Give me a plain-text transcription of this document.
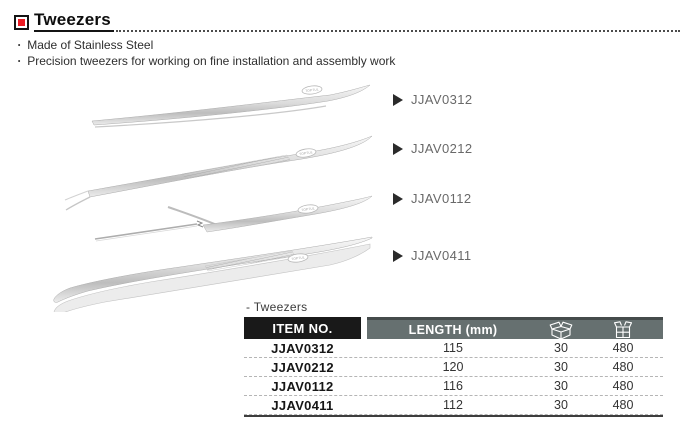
Tweezers
• Made of Stainless Steel
• Precision tweezers for working on fine installation and assembly work
TOPTUL
TOPTUL
TOPTUL
TOPTUL
JJAV0312
JJAV0212
JJAV0112
JJAV0411
- Tweezers
ITEM NO.	LENGTH (mm)
JJAV0312	115	30	480
JJAV0212	120	30	480
JJAV0112	116	30	480
JJAV0411	112	30	480
